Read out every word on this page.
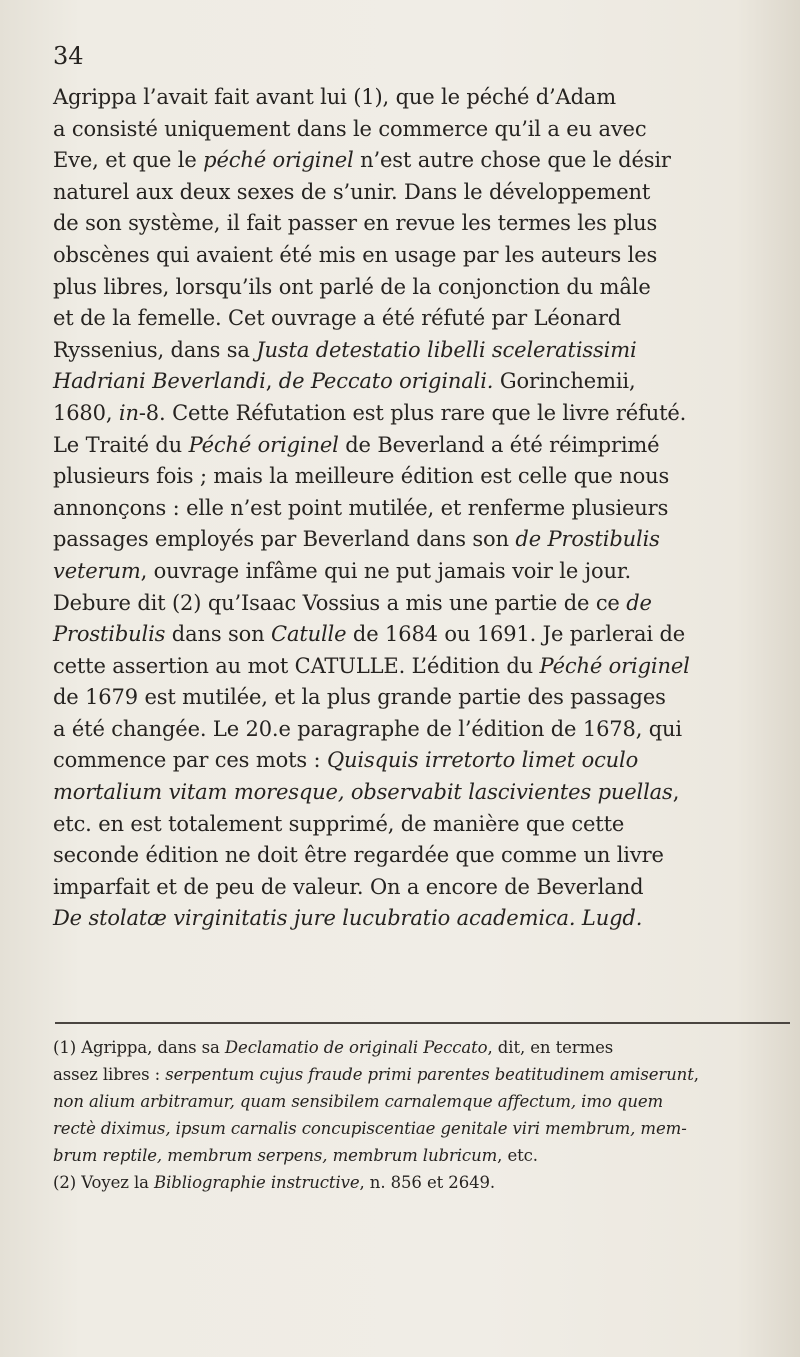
34
Agrippa l’avait fait avant lui (1), que le péché d’Adam
a consisté uniquement dans le commerce qu’il a eu avec
Eve, et que le péché originel n’est autre chose que le désir
naturel aux deux sexes de s’unir. Dans le développement
de son système, il fait passer en revue les termes les plus
obscènes qui avaient été mis en usage par les auteurs les
plus libres, lorsqu’ils ont parlé de la conjonction du mâle
et de la femelle. Cet ouvrage a été réfuté par Léonard
Ryssenius, dans sa Justa detestatio libelli sceleratissimi
Hadriani Beverlandi, de Peccato originali. Gorinchemii,
1680, in-8. Cette Réfutation est plus rare que le livre réfuté.
Le Traité du Péché originel de Beverland a été réimprimé
plusieurs fois ; mais la meilleure édition est celle que nous
annonçons : elle n’est point mutilée, et renferme plusieurs
passages employés par Beverland dans son de Prostibulis
veterum, ouvrage infâme qui ne put jamais voir le jour.
Debure dit (2) qu’Isaac Vossius a mis une partie de ce de
Prostibulis dans son Catulle de 1684 ou 1691. Je parlerai de
cette assertion au mot CATULLE. L’édition du Péché originel
de 1679 est mutilée, et la plus grande partie des passages
a été changée. Le 20.e paragraphe de l’édition de 1678, qui
commence par ces mots : Quisquis irretorto limet oculo
mortalium vitam moresque, observabit lascivientes puellas,
etc. en est totalement supprimé, de manière que cette
seconde édition ne doit être regardée que comme un livre
imparfait et de peu de valeur. On a encore de Beverland
De stolatæ virginitatis jure lucubratio academica. Lugd.
(1) Agrippa, dans sa Declamatio de originali Peccato, dit, en termes
assez libres : serpentum cujus fraude primi parentes beatitudinem amiserunt,
non alium arbitramur, quam sensibilem carnalemque affectum, imo quem
rectè diximus, ipsum carnalis concupiscentiae genitale viri membrum, mem-
brum reptile, membrum serpens, membrum lubricum, etc.
(2) Voyez la Bibliographie instructive, n. 856 et 2649.
